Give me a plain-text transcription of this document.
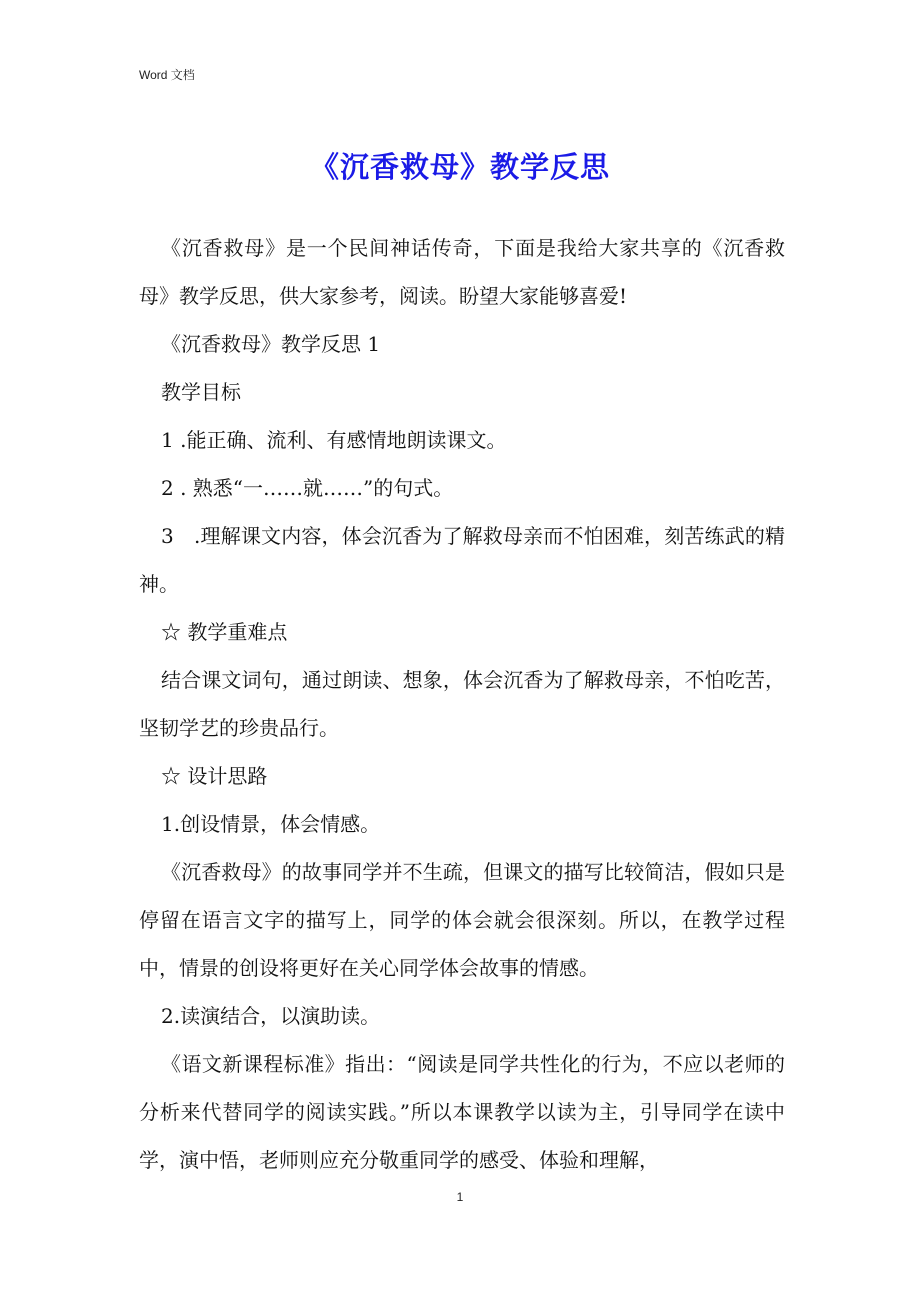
Word 文档
《沉香救母》教学反思

《沉香救母》是一个民间神话传奇，下面是我给大家共享的《沉香救母》教学反思，供大家参考，阅读。盼望大家能够喜爱!

《沉香救母》教学反思 1

教学目标

1 .能正确、流利、有感情地朗读课文。

2 . 熟悉“一……就……”的句式。

3　.理解课文内容，体会沉香为了解救母亲而不怕困难，刻苦练武的精神。

☆ 教学重难点

结合课文词句，通过朗读、想象，体会沉香为了解救母亲，不怕吃苦，坚韧学艺的珍贵品行。

☆ 设计思路

1.创设情景，体会情感。

《沉香救母》的故事同学并不生疏，但课文的描写比较简洁，假如只是停留在语言文字的描写上，同学的体会就会很深刻。所以，在教学过程中，情景的创设将更好在关心同学体会故事的情感。

2.读演结合，以演助读。

《语文新课程标准》指出：“阅读是同学共性化的行为，不应以老师的分析来代替同学的阅读实践。”所以本课教学以读为主，引导同学在读中学，演中悟，老师则应充分敬重同学的感受、体验和理解，

1
